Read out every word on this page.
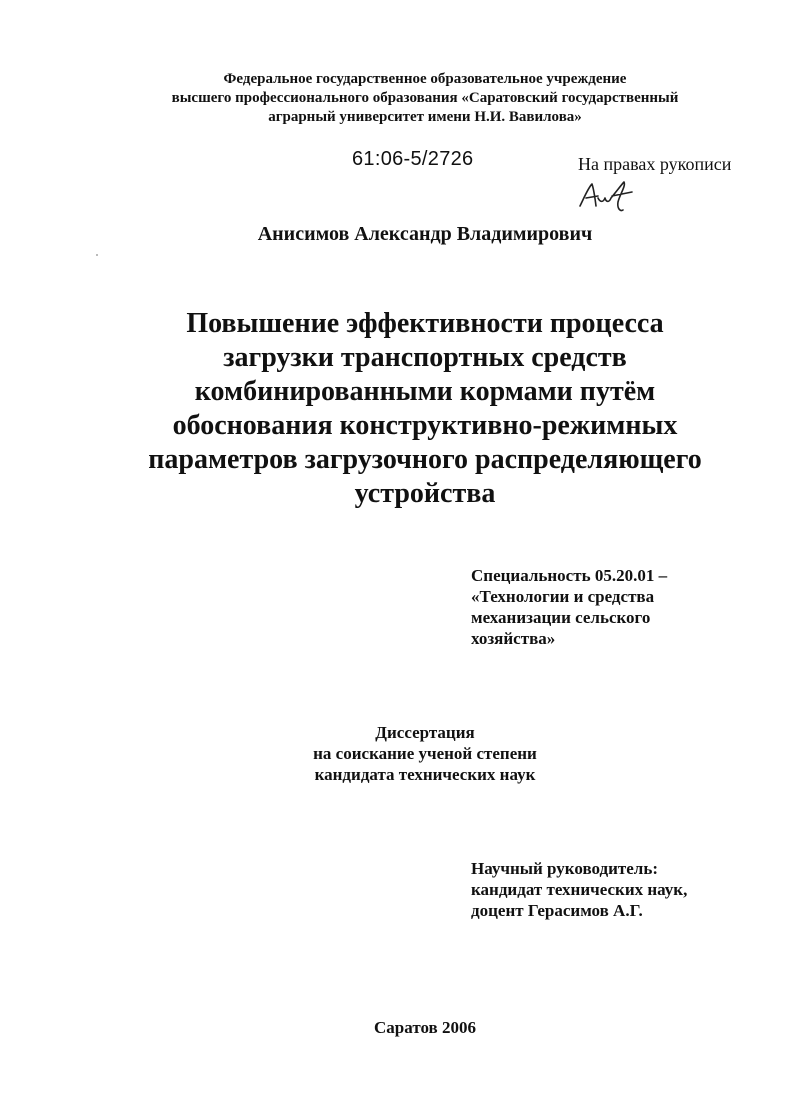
Федеральное государственное образовательное учреждение
высшего профессионального образования «Саратовский государственный
аграрный университет имени Н.И. Вавилова»
61:06-5/2726	На правах рукописи
Анисимов Александр Владимирович
Повышение эффективности процесса
загрузки транспортных средств
комбинированными кормами путём
обоснования конструктивно-режимных
параметров загрузочного распределяющего
устройства
Специальность 05.20.01 –
«Технологии и средства
механизации сельского
хозяйства»
Диссертация
на соискание ученой степени
кандидата технических наук
Научный руководитель:
кандидат технических наук,
доцент Герасимов А.Г.
Саратов 2006
